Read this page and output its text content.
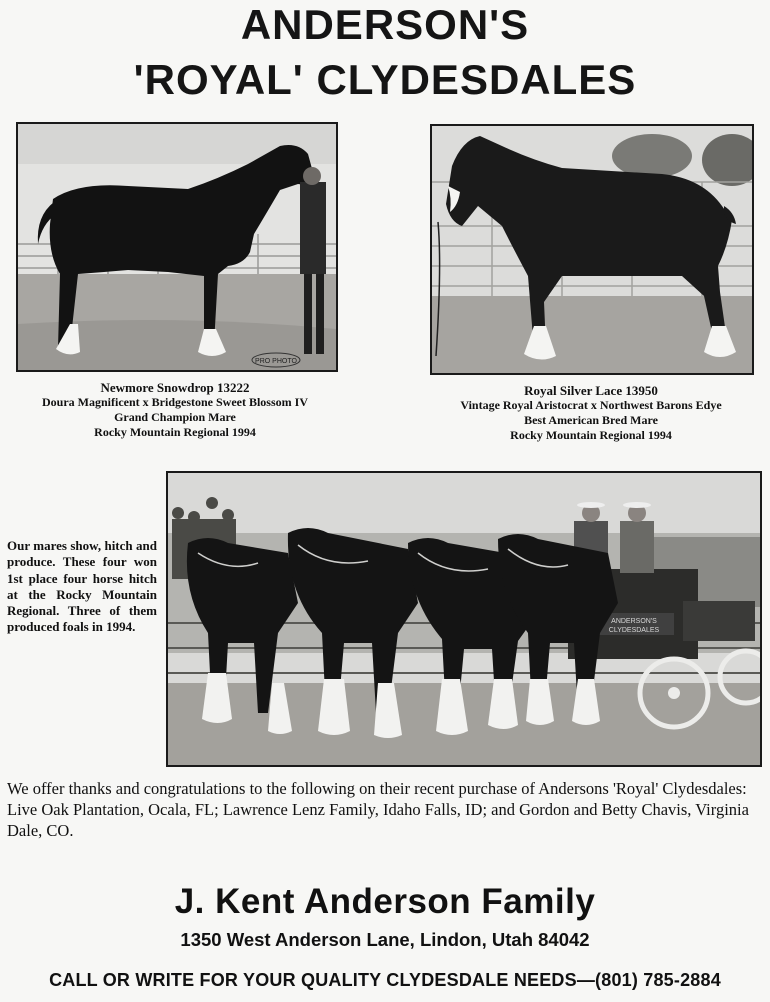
ANDERSON'S
'ROYAL' CLYDESDALES
PRO PHOTO
Newmore Snowdrop 13222
Doura Magnificent x Bridgestone Sweet Blossom IV
Grand Champion Mare
Rocky Mountain Regional 1994
Royal Silver Lace 13950
Vintage Royal Aristocrat x Northwest Barons Edye
Best American Bred Mare
Rocky Mountain Regional 1994
ANDERSON'S
CLYDESDALES
Our mares show, hitch and produce. These four won 1st place four horse hitch at the Rocky Mountain Regional. Three of them produced foals in 1994.
We offer thanks and congratulations to the following on their recent purchase of Andersons 'Royal' Clydesdales: Live Oak Plantation, Ocala, FL; Lawrence Lenz Family, Idaho Falls, ID; and Gordon and Betty Chavis, Virginia Dale, CO.
J. Kent Anderson Family
1350 West Anderson Lane, Lindon, Utah 84042
CALL OR WRITE FOR YOUR QUALITY CLYDESDALE NEEDS—(801) 785-2884
